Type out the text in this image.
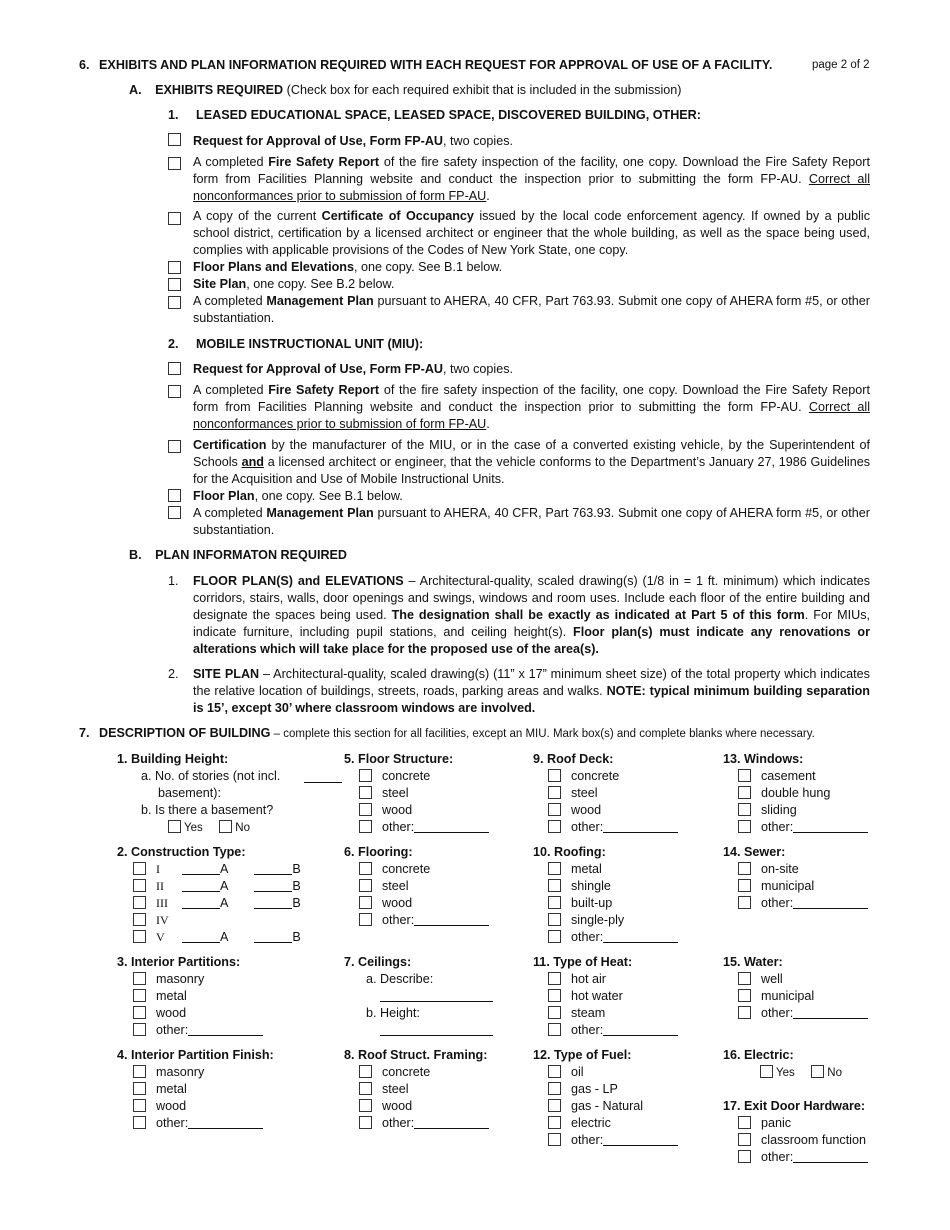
6. EXHIBITS AND PLAN INFORMATION REQUIRED WITH EACH REQUEST FOR APPROVAL OF USE OF A FACILITY.	page 2 of 2
A. EXHIBITS REQUIRED (Check box for each required exhibit that is included in the submission)
1. LEASED EDUCATIONAL SPACE, LEASED SPACE, DISCOVERED BUILDING, OTHER:
Request for Approval of Use, Form FP-AU, two copies.
A completed Fire Safety Report of the fire safety inspection of the facility, one copy. Download the Fire Safety Report form from Facilities Planning website and conduct the inspection prior to submitting the form FP-AU. Correct all nonconformances prior to submission of form FP-AU.
A copy of the current Certificate of Occupancy issued by the local code enforcement agency. If owned by a public school district, certification by a licensed architect or engineer that the whole building, as well as the space being used, complies with applicable provisions of the Codes of New York State, one copy.
Floor Plans and Elevations, one copy. See B.1 below.
Site Plan, one copy. See B.2 below.
A completed Management Plan pursuant to AHERA, 40 CFR, Part 763.93. Submit one copy of AHERA form #5, or other substantiation.
2. MOBILE INSTRUCTIONAL UNIT (MIU):
Request for Approval of Use, Form FP-AU, two copies.
A completed Fire Safety Report of the fire safety inspection of the facility, one copy. Download the Fire Safety Report form from Facilities Planning website and conduct the inspection prior to submitting the form FP-AU. Correct all nonconformances prior to submission of form FP-AU.
Certification by the manufacturer of the MIU, or in the case of a converted existing vehicle, by the Superintendent of Schools and a licensed architect or engineer, that the vehicle conforms to the Department’s January 27, 1986 Guidelines for the Acquisition and Use of Mobile Instructional Units.
Floor Plan, one copy. See B.1 below.
A completed Management Plan pursuant to AHERA, 40 CFR, Part 763.93. Submit one copy of AHERA form #5, or other substantiation.
B. PLAN INFORMATON REQUIRED
1. FLOOR PLAN(S) and ELEVATIONS – Architectural-quality, scaled drawing(s) (1/8 in = 1 ft. minimum) which indicates corridors, stairs, walls, door openings and swings, windows and room uses. Include each floor of the entire building and designate the spaces being used. The designation shall be exactly as indicated at Part 5 of this form. For MIUs, indicate furniture, including pupil stations, and ceiling height(s). Floor plan(s) must indicate any renovations or alterations which will take place for the proposed use of the area(s).
2. SITE PLAN – Architectural-quality, scaled drawing(s) (11” x 17” minimum sheet size) of the total property which indicates the relative location of buildings, streets, roads, parking areas and walks. NOTE: typical minimum building separation is 15’, except 30’ where classroom windows are involved.
7. DESCRIPTION OF BUILDING – complete this section for all facilities, except an MIU. Mark box(s) and complete blanks where necessary.
1. Building Height:
a. No. of stories (not incl.
basement):
b. Is there a basement?
Yes	No
2. Construction Type:
I	A	B
II	A	B
III	A	B
IV
V	A	B
3. Interior Partitions:
masonry
metal
wood
other:
4. Interior Partition Finish:
masonry
metal
wood
other:
5. Floor Structure:
concrete
steel
wood
other:
6. Flooring:
concrete
steel
wood
other:
7. Ceilings:
a. Describe:
b. Height:
8. Roof Struct. Framing:
concrete
steel
wood
other:
9. Roof Deck:
concrete
steel
wood
other:
10. Roofing:
metal
shingle
built-up
single-ply
other:
11. Type of Heat:
hot air
hot water
steam
other:
12. Type of Fuel:
oil
gas - LP
gas - Natural
electric
other:
13. Windows:
casement
double hung
sliding
other:
14. Sewer:
on-site
municipal
other:
15. Water:
well
municipal
other:
16. Electric:
Yes	No
17. Exit Door Hardware:
panic
classroom function
other:
